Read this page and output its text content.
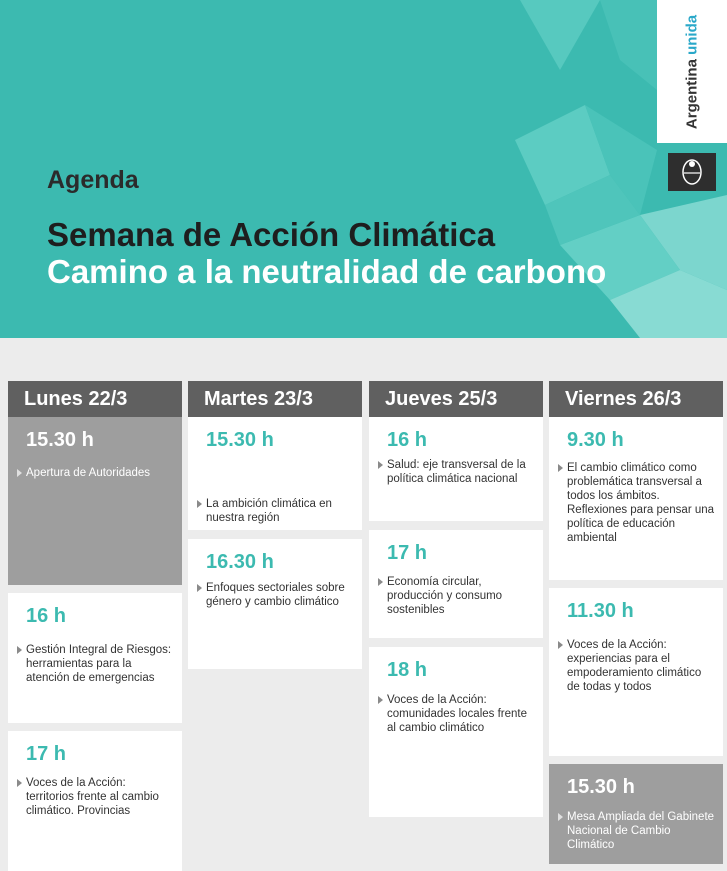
Argentina unida
Agenda
Semana de Acción Climática
Camino a la neutralidad de carbono
Lunes 22/3
15.30 h
Apertura de Autoridades
16 h
Gestión Integral de Riesgos: herramientas para la atención de emergencias
17 h
Voces de la Acción: territorios frente al cambio climático. Provincias
Martes 23/3
15.30 h
La ambición climática en nuestra región
16.30 h
Enfoques sectoriales sobre género y cambio climático
Jueves 25/3
16 h
Salud: eje transversal de la política climática nacional
17 h
Economía circular, producción y consumo sostenibles
18 h
Voces de la Acción: comunidades locales frente al cambio climático
Viernes 26/3
9.30 h
El cambio climático como problemática transversal a todos los ámbitos. Reflexiones para pensar una política de educación ambiental
11.30 h
Voces de la Acción: experiencias para el empoderamiento climático de todas y todos
15.30 h
Mesa Ampliada del Gabinete Nacional de Cambio Climático
